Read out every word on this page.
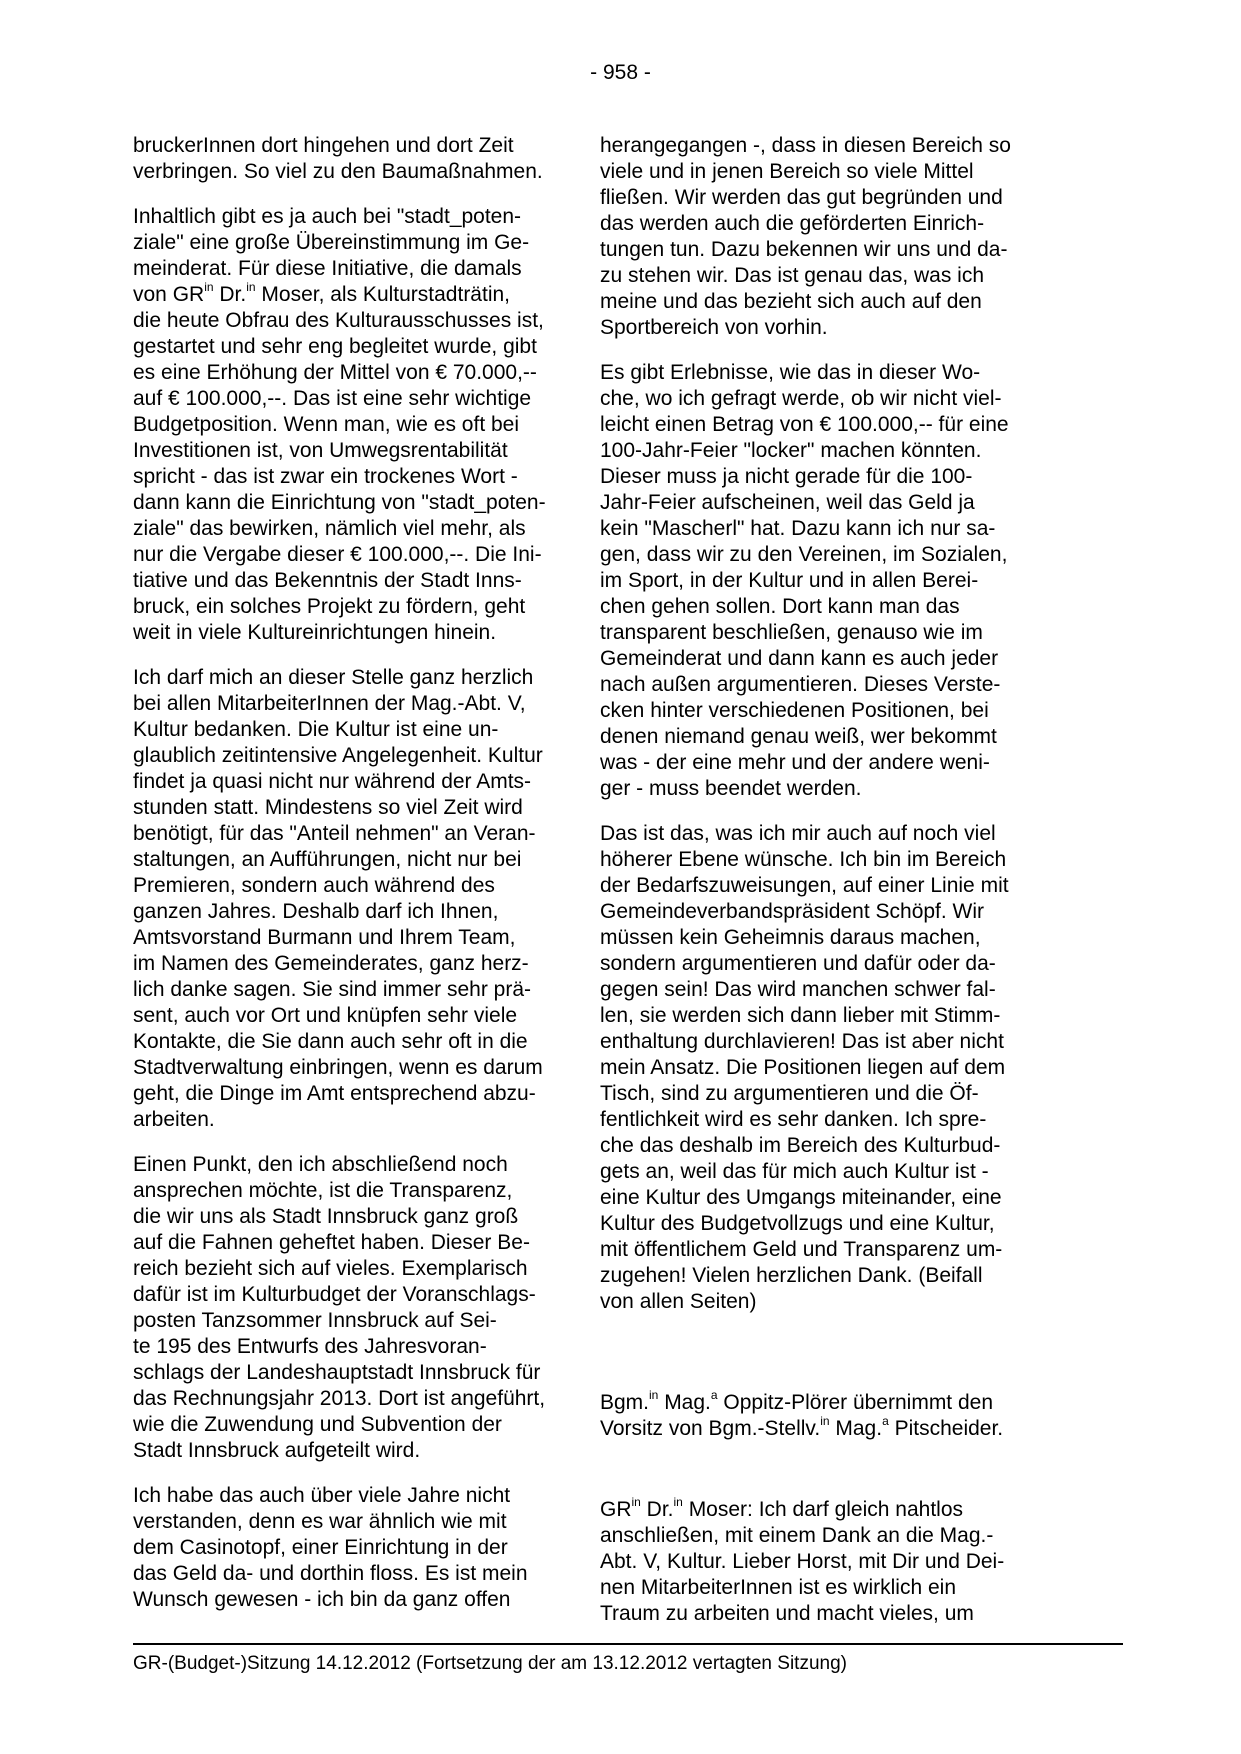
- 958 -

bruckerInnen dort hingehen und dort Zeit
verbringen. So viel zu den Baumaßnahmen.

Inhaltlich gibt es ja auch bei "stadt_poten-
ziale" eine große Übereinstimmung im Ge-
meinderat. Für diese Initiative, die damals
von $GR^{in}$ Dr.$^{in}$ Moser, als Kulturstadträtin,
die heute Obfrau des Kulturausschusses ist,
gestartet und sehr eng begleitet wurde, gibt
es eine Erhöhung der Mittel von € 70.000,--
auf € 100.000,--. Das ist eine sehr wichtige
Budgetposition. Wenn man, wie es oft bei
Investitionen ist, von Umwegsrentabilität
spricht - das ist zwar ein trockenes Wort -
dann kann die Einrichtung von "stadt_poten-
ziale" das bewirken, nämlich viel mehr, als
nur die Vergabe dieser € 100.000,--. Die Ini-
tiative und das Bekenntnis der Stadt Inns-
bruck, ein solches Projekt zu fördern, geht
weit in viele Kultureinrichtungen hinein.

Ich darf mich an dieser Stelle ganz herzlich
bei allen MitarbeiterInnen der Mag.-Abt. V,
Kultur bedanken. Die Kultur ist eine un-
glaublich zeitintensive Angelegenheit. Kultur
findet ja quasi nicht nur während der Amts-
stunden statt. Mindestens so viel Zeit wird
benötigt, für das "Anteil nehmen" an Veran-
staltungen, an Aufführungen, nicht nur bei
Premieren, sondern auch während des
ganzen Jahres. Deshalb darf ich Ihnen,
Amtsvorstand Burmann und Ihrem Team,
im Namen des Gemeinderates, ganz herz-
lich danke sagen. Sie sind immer sehr prä-
sent, auch vor Ort und knüpfen sehr viele
Kontakte, die Sie dann auch sehr oft in die
Stadtverwaltung einbringen, wenn es darum
geht, die Dinge im Amt entsprechend abzu-
arbeiten.

Einen Punkt, den ich abschließend noch
ansprechen möchte, ist die Transparenz,
die wir uns als Stadt Innsbruck ganz groß
auf die Fahnen geheftet haben. Dieser Be-
reich bezieht sich auf vieles. Exemplarisch
dafür ist im Kulturbudget der Voranschlags-
posten Tanzsommer Innsbruck auf Sei-
te 195 des Entwurfs des Jahresvoran-
schlags der Landeshauptstadt Innsbruck für
das Rechnungsjahr 2013. Dort ist angeführt,
wie die Zuwendung und Subvention der
Stadt Innsbruck aufgeteilt wird.

Ich habe das auch über viele Jahre nicht
verstanden, denn es war ähnlich wie mit
dem Casinotopf, einer Einrichtung in der
das Geld da- und dorthin floss. Es ist mein
Wunsch gewesen - ich bin da ganz offen

herangegangen -, dass in diesen Bereich so
viele und in jenen Bereich so viele Mittel
fließen. Wir werden das gut begründen und
das werden auch die geförderten Einrich-
tungen tun. Dazu bekennen wir uns und da-
zu stehen wir. Das ist genau das, was ich
meine und das bezieht sich auch auf den
Sportbereich von vorhin.

Es gibt Erlebnisse, wie das in dieser Wo-
che, wo ich gefragt werde, ob wir nicht viel-
leicht einen Betrag von € 100.000,-- für eine
100-Jahr-Feier "locker" machen könnten.
Dieser muss ja nicht gerade für die 100-
Jahr-Feier aufscheinen, weil das Geld ja
kein "Mascherl" hat. Dazu kann ich nur sa-
gen, dass wir zu den Vereinen, im Sozialen,
im Sport, in der Kultur und in allen Berei-
chen gehen sollen. Dort kann man das
transparent beschließen, genauso wie im
Gemeinderat und dann kann es auch jeder
nach außen argumentieren. Dieses Verste-
cken hinter verschiedenen Positionen, bei
denen niemand genau weiß, wer bekommt
was - der eine mehr und der andere weni-
ger - muss beendet werden.

Das ist das, was ich mir auch auf noch viel
höherer Ebene wünsche. Ich bin im Bereich
der Bedarfszuweisungen, auf einer Linie mit
Gemeindeverbandspräsident Schöpf. Wir
müssen kein Geheimnis daraus machen,
sondern argumentieren und dafür oder da-
gegen sein! Das wird manchen schwer fal-
len, sie werden sich dann lieber mit Stimm-
enthaltung durchlavieren! Das ist aber nicht
mein Ansatz. Die Positionen liegen auf dem
Tisch, sind zu argumentieren und die Öf-
fentlichkeit wird es sehr danken. Ich spre-
che das deshalb im Bereich des Kulturbud-
gets an, weil das für mich auch Kultur ist -
eine Kultur des Umgangs miteinander, eine
Kultur des Budgetvollzugs und eine Kultur,
mit öffentlichem Geld und Transparenz um-
zugehen! Vielen herzlichen Dank. (Beifall
von allen Seiten)

Bgm.$^{in}$ Mag.$^a$ Oppitz-Plörer übernimmt den
Vorsitz von Bgm.-Stellv.$^{in}$ Mag.$^a$ Pitscheider.

$GR^{in}$ Dr.$^{in}$ Moser: Ich darf gleich nahtlos
anschließen, mit einem Dank an die Mag.-
Abt. V, Kultur. Lieber Horst, mit Dir und Dei-
nen MitarbeiterInnen ist es wirklich ein
Traum zu arbeiten und macht vieles, um

GR-(Budget-)Sitzung 14.12.2012 (Fortsetzung der am 13.12.2012 vertagten Sitzung)
